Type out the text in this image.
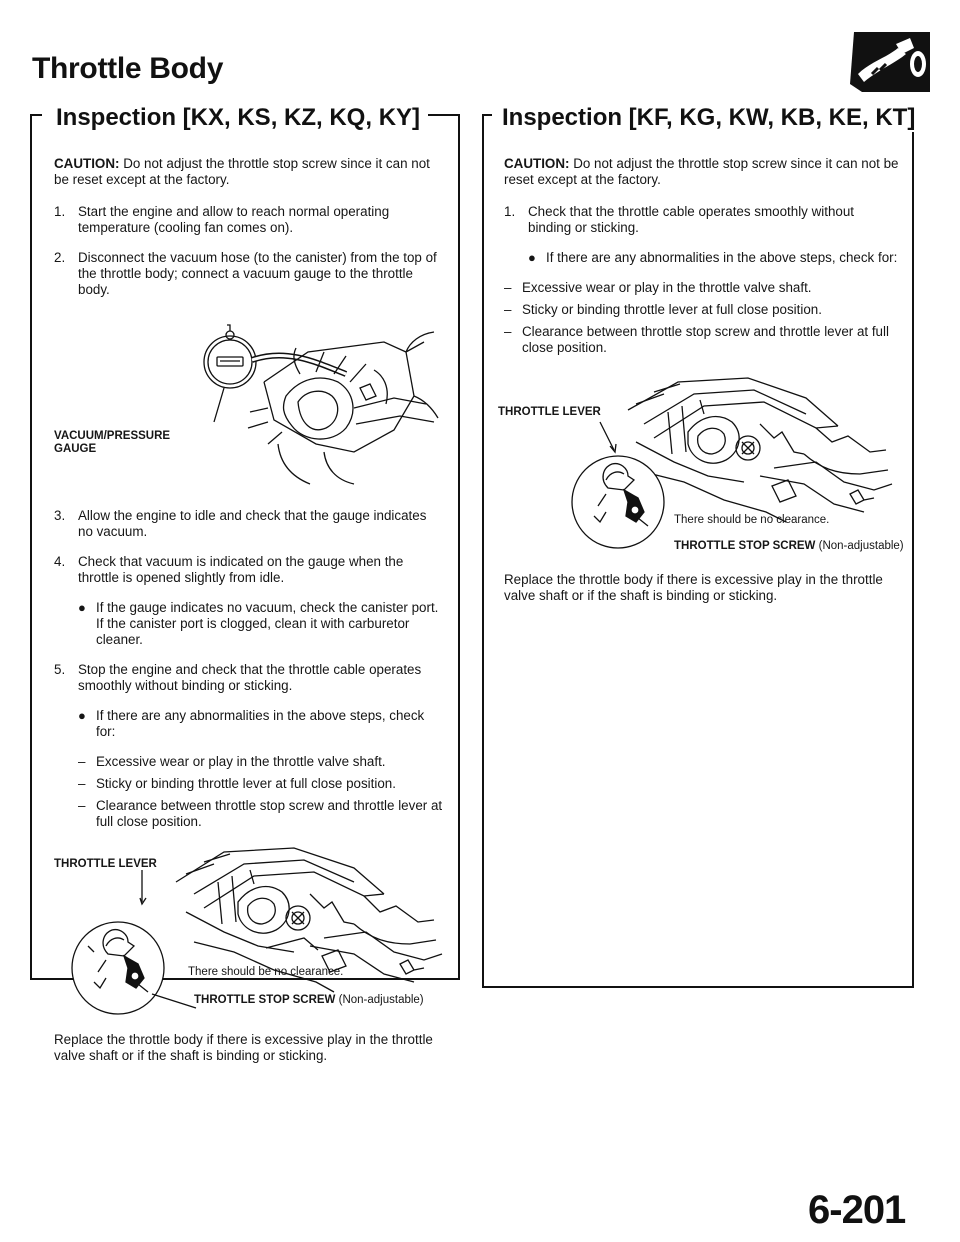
Throttle Body
Inspection [KX, KS, KZ, KQ, KY]

CAUTION: Do not adjust the throttle stop screw since it can not be reset except at the factory.

1. Start the engine and allow to reach normal operating temperature (cooling fan comes on).
2. Disconnect the vacuum hose (to the canister) from the top of the throttle body; connect a vacuum gauge to the throttle body.
VACUUM/PRESSURE
GAUGE
3. Allow the engine to idle and check that the gauge indicates no vacuum.
4. Check that vacuum is indicated on the gauge when the throttle is opened slightly from idle.
● If the gauge indicates no vacuum, check the canister port. If the canister port is clogged, clean it with carburetor cleaner.
5. Stop the engine and check that the throttle cable operates smoothly without binding or sticking.
● If there are any abnormalities in the above steps, check for:
– Excessive wear or play in the throttle valve shaft.
– Sticky or binding throttle lever at full close position.
– Clearance between throttle stop screw and throttle lever at full close position.
THROTTLE LEVER
There should be no clearance.
THROTTLE STOP SCREW (Non-adjustable)

Replace the throttle body if there is excessive play in the throttle valve shaft or if the shaft is binding or sticking.

Inspection [KF, KG, KW, KB, KE, KT]

CAUTION: Do not adjust the throttle stop screw since it can not be reset except at the factory.

1. Check that the throttle cable operates smoothly without binding or sticking.
● If there are any abnormalities in the above steps, check for:
– Excessive wear or play in the throttle valve shaft.
– Sticky or binding throttle lever at full close position.
– Clearance between throttle stop screw and throttle lever at full close position.
THROTTLE LEVER
There should be no clearance.
THROTTLE STOP SCREW (Non-adjustable)

Replace the throttle body if there is excessive play in the throttle valve shaft or if the shaft is binding or sticking.

6-201
